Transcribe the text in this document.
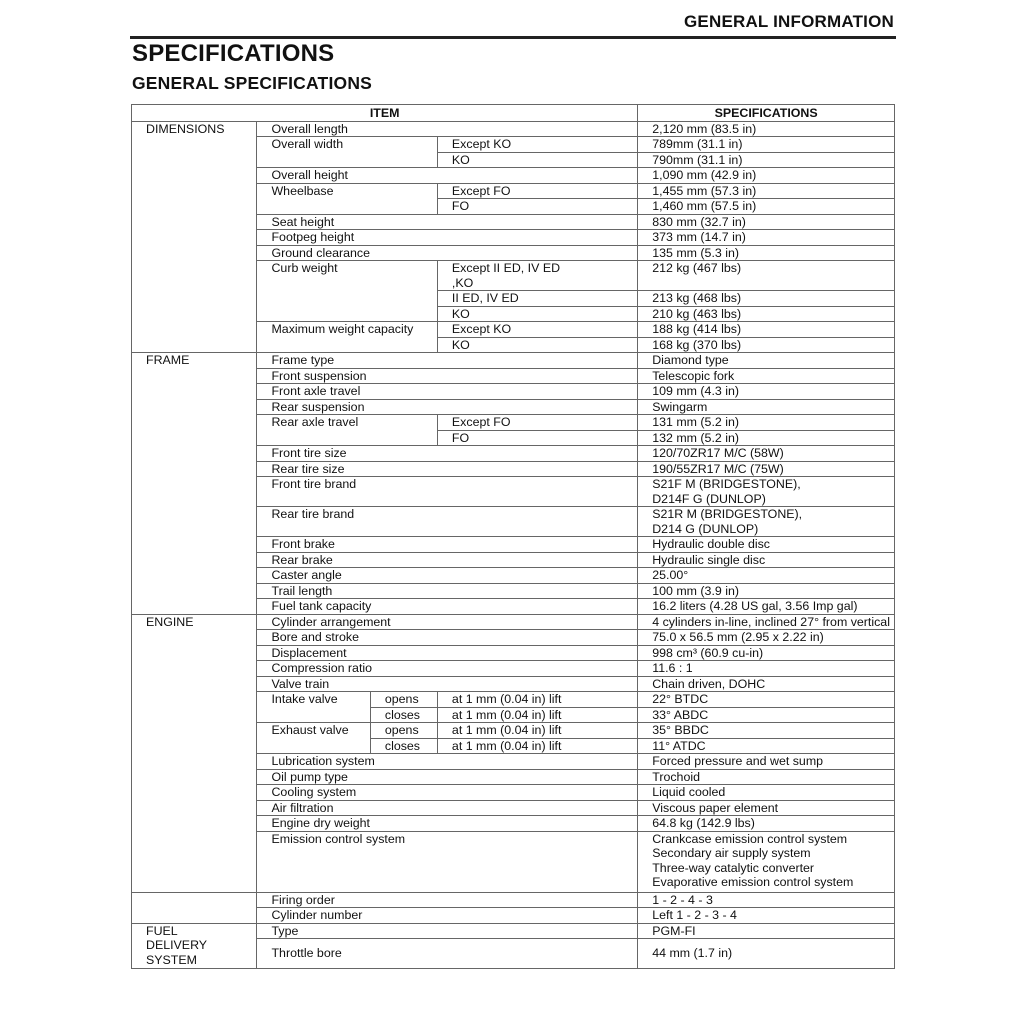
GENERAL INFORMATION
SPECIFICATIONS
GENERAL SPECIFICATIONS
ITEM				SPECIFICATIONS
DIMENSIONS	Overall length			2,120 mm (83.5 in)
	Overall width		Except KO	789mm (31.1 in)
			KO	790mm (31.1 in)
	Overall height			1,090 mm (42.9 in)
	Wheelbase		Except FO	1,455 mm (57.3 in)
			FO	1,460 mm (57.5 in)
	Seat height			830 mm (32.7 in)
	Footpeg height			373 mm (14.7 in)
	Ground clearance			135 mm (5.3 in)
	Curb weight		Except II ED, IV ED
,KO	212 kg (467 lbs)
			II ED, IV ED	213 kg (468 lbs)
			KO	210 kg (463 lbs)
	Maximum weight capacity		Except KO	188 kg (414 lbs)
			KO	168 kg (370 lbs)
FRAME	Frame type			Diamond type
	Front suspension			Telescopic fork
	Front axle travel			109 mm (4.3 in)
	Rear suspension			Swingarm
	Rear axle travel		Except FO	131 mm (5.2 in)
			FO	132 mm (5.2 in)
	Front tire size			120/70ZR17 M/C (58W)
	Rear tire size			190/55ZR17 M/C (75W)
	Front tire brand			S21F M (BRIDGESTONE),
D214F G (DUNLOP)
	Rear tire brand			S21R M (BRIDGESTONE),
D214 G (DUNLOP)
	Front brake			Hydraulic double disc
	Rear brake			Hydraulic single disc
	Caster angle			25.00°
	Trail length			100 mm (3.9 in)
	Fuel tank capacity			16.2 liters (4.28 US gal, 3.56 Imp gal)
ENGINE	Cylinder arrangement			4 cylinders in-line, inclined 27° from vertical
	Bore and stroke			75.0 x 56.5 mm (2.95 x 2.22 in)
	Displacement			998 cm³ (60.9 cu-in)
	Compression ratio			11.6 : 1
	Valve train			Chain driven, DOHC
	Intake valve	opens	at 1 mm (0.04 in) lift	22° BTDC
		closes	at 1 mm (0.04 in) lift	33° ABDC
	Exhaust valve	opens	at 1 mm (0.04 in) lift	35° BBDC
		closes	at 1 mm (0.04 in) lift	11° ATDC
	Lubrication system			Forced pressure and wet sump
	Oil pump type			Trochoid
	Cooling system			Liquid cooled
	Air filtration			Viscous paper element
	Engine dry weight			64.8 kg (142.9 lbs)
	Emission control system			Crankcase emission control system
Secondary air supply system
Three-way catalytic converter
Evaporative emission control system
	Firing order			1 - 2 - 4 - 3
	Cylinder number			Left 1 - 2 - 3 - 4
FUEL
DELIVERY
SYSTEM	Type			PGM-FI
	Throttle bore			44 mm (1.7 in)
